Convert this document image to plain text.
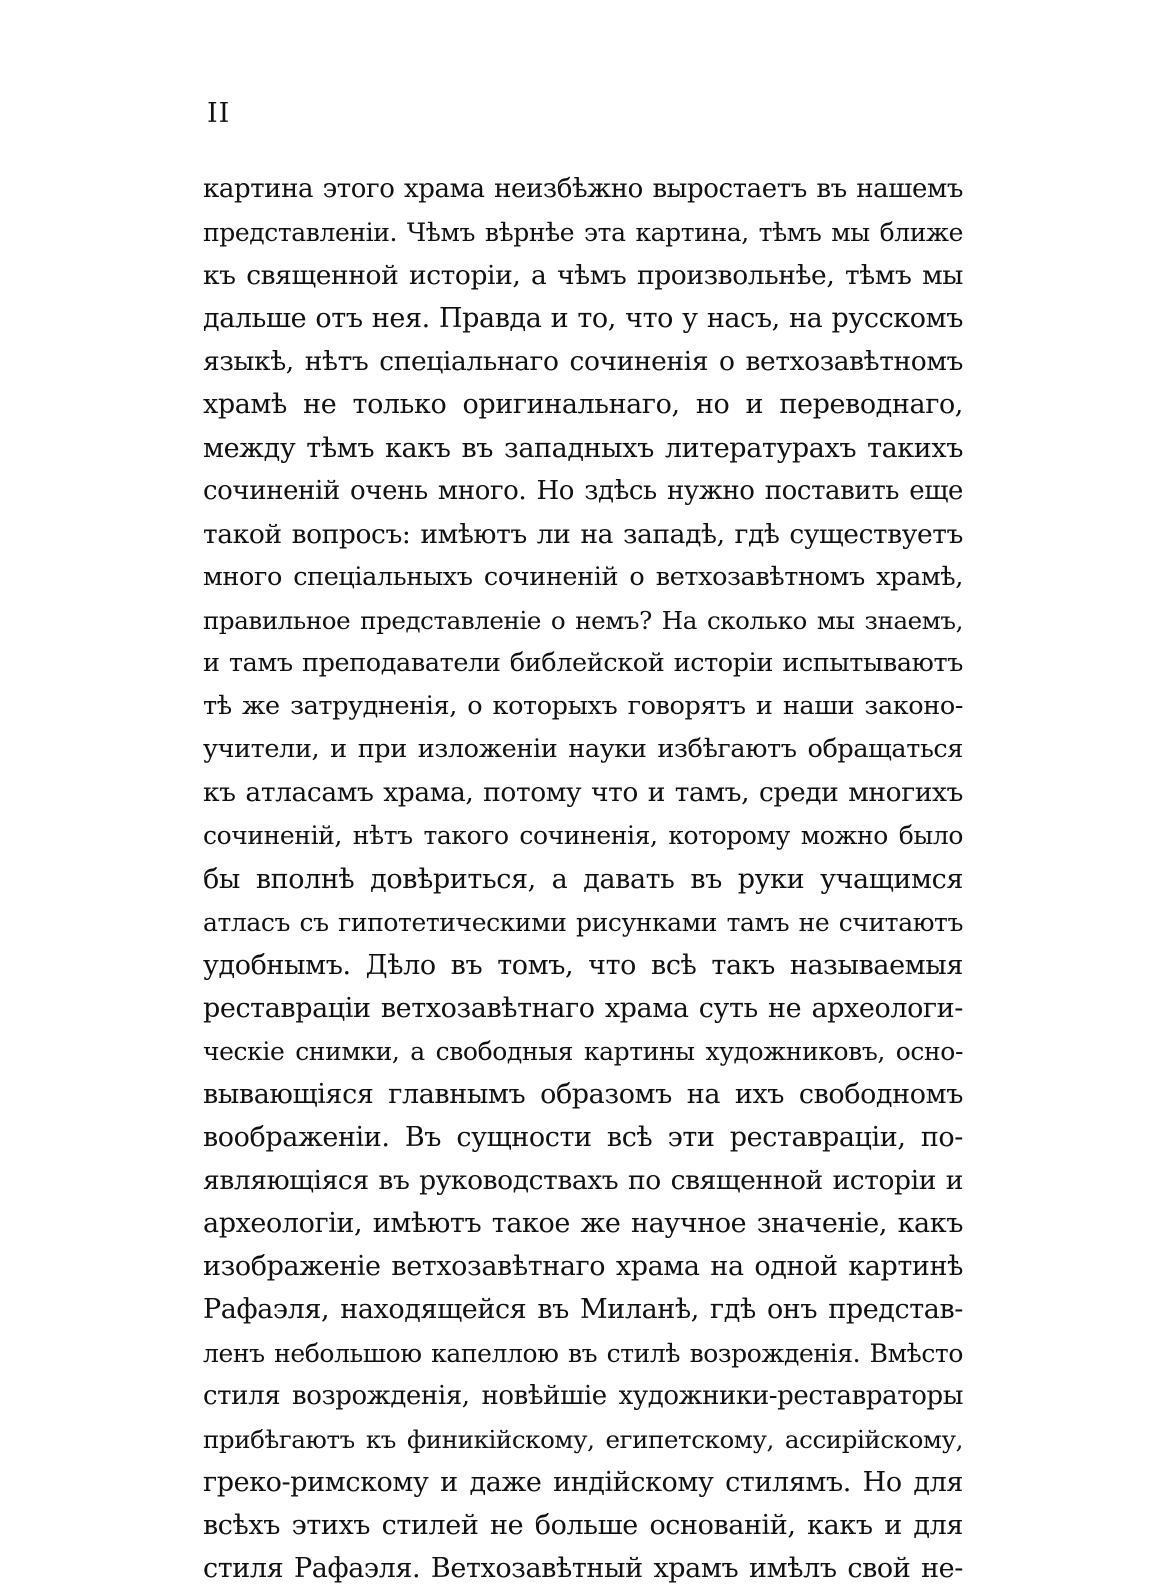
II
картина этого храма неизбѣжно выростаетъ въ нашемъ
представленіи. Чѣмъ вѣрнѣе эта картина, тѣмъ мы ближе
къ священной исторіи, а чѣмъ произвольнѣе, тѣмъ мы
дальше отъ нея. Правда и то, что у насъ, на русскомъ
языкѣ, нѣтъ спеціальнаго сочиненія о ветхозавѣтномъ
храмѣ не только оригинальнаго, но и переводнаго,
между тѣмъ какъ въ западныхъ литературахъ такихъ
сочиненій очень много. Но здѣсь нужно поставить еще
такой вопросъ: имѣютъ ли на западѣ, гдѣ существуетъ
много спеціальныхъ сочиненій о ветхозавѣтномъ храмѣ,
правильное представленіе о немъ? На сколько мы знаемъ,
и тамъ преподаватели библейской исторіи испытываютъ
тѣ же затрудненія, о которыхъ говорятъ и наши законо-
учители, и при изложеніи науки избѣгаютъ обращаться
къ атласамъ храма, потому что и тамъ, среди многихъ
сочиненій, нѣтъ такого сочиненія, которому можно было
бы вполнѣ довѣриться, а давать въ руки учащимся
атласъ съ гипотетическими рисунками тамъ не считаютъ
удобнымъ. Дѣло въ томъ, что всѣ такъ называемыя
реставраціи ветхозавѣтнаго храма суть не археологи-
ческіе снимки, а свободныя картины художниковъ, осно-
вывающіяся главнымъ образомъ на ихъ свободномъ
воображеніи. Въ сущности всѣ эти реставраціи, по-
являющіяся въ руководствахъ по священной исторіи и
археологіи, имѣютъ такое же научное значеніе, какъ
изображеніе ветхозавѣтнаго храма на одной картинѣ
Рафаэля, находящейся въ Миланѣ, гдѣ онъ представ-
ленъ небольшою капеллою въ стилѣ возрожденія. Вмѣсто
стиля возрожденія, новѣйшіе художники-реставраторы
прибѣгаютъ къ финикійскому, египетскому, ассирійскому,
греко-римскому и даже индійскому стилямъ. Но для
всѣхъ этихъ стилей не больше основаній, какъ и для
стиля Рафаэля. Ветхозавѣтный храмъ имѣлъ свой не-
